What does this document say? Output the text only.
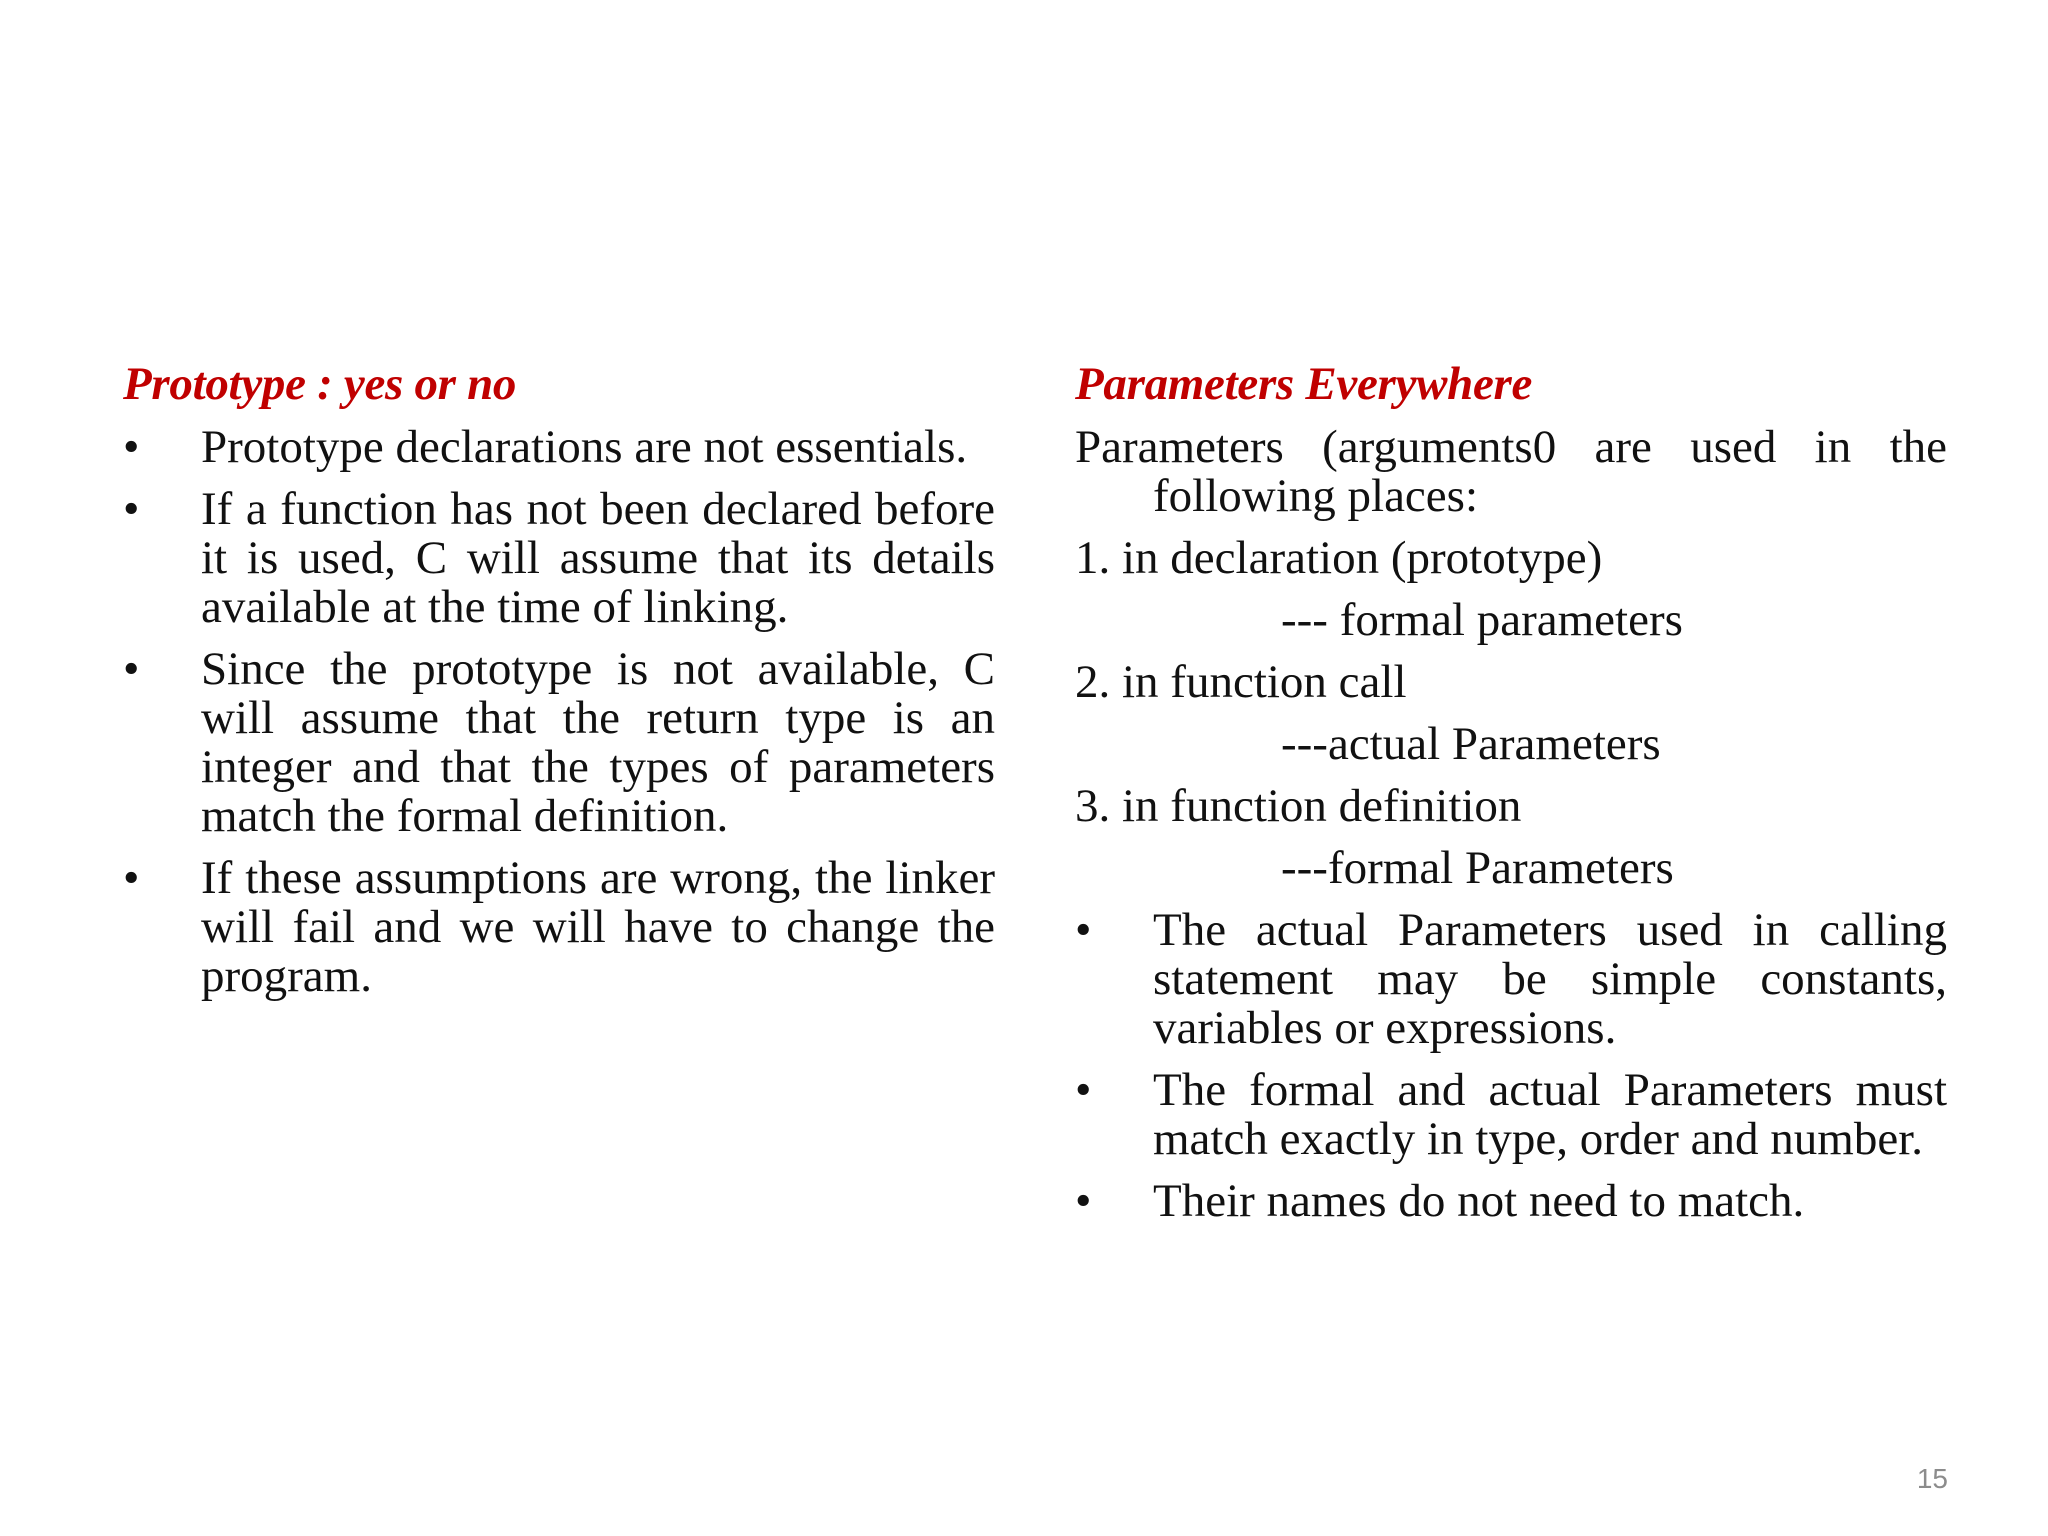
Prototype : yes or no
• Prototype declarations are not essentials.
• If a function has not been declared before it is used, C will assume that its details available at the time of linking.
• Since the prototype is not available, C will assume that the return type is an integer and that the types of parameters match the formal definition.
• If these assumptions are wrong, the linker will fail and we will have to change the program.
Parameters Everywhere
Parameters (arguments0 are used in the following places:
1. in declaration (prototype)
--- formal parameters
2. in function call
---actual Parameters
3. in function definition
---formal Parameters
• The actual Parameters used in calling statement may be simple constants, variables or expressions.
• The formal and actual Parameters must match exactly in type, order and number.
• Their names do not need to match.
15
